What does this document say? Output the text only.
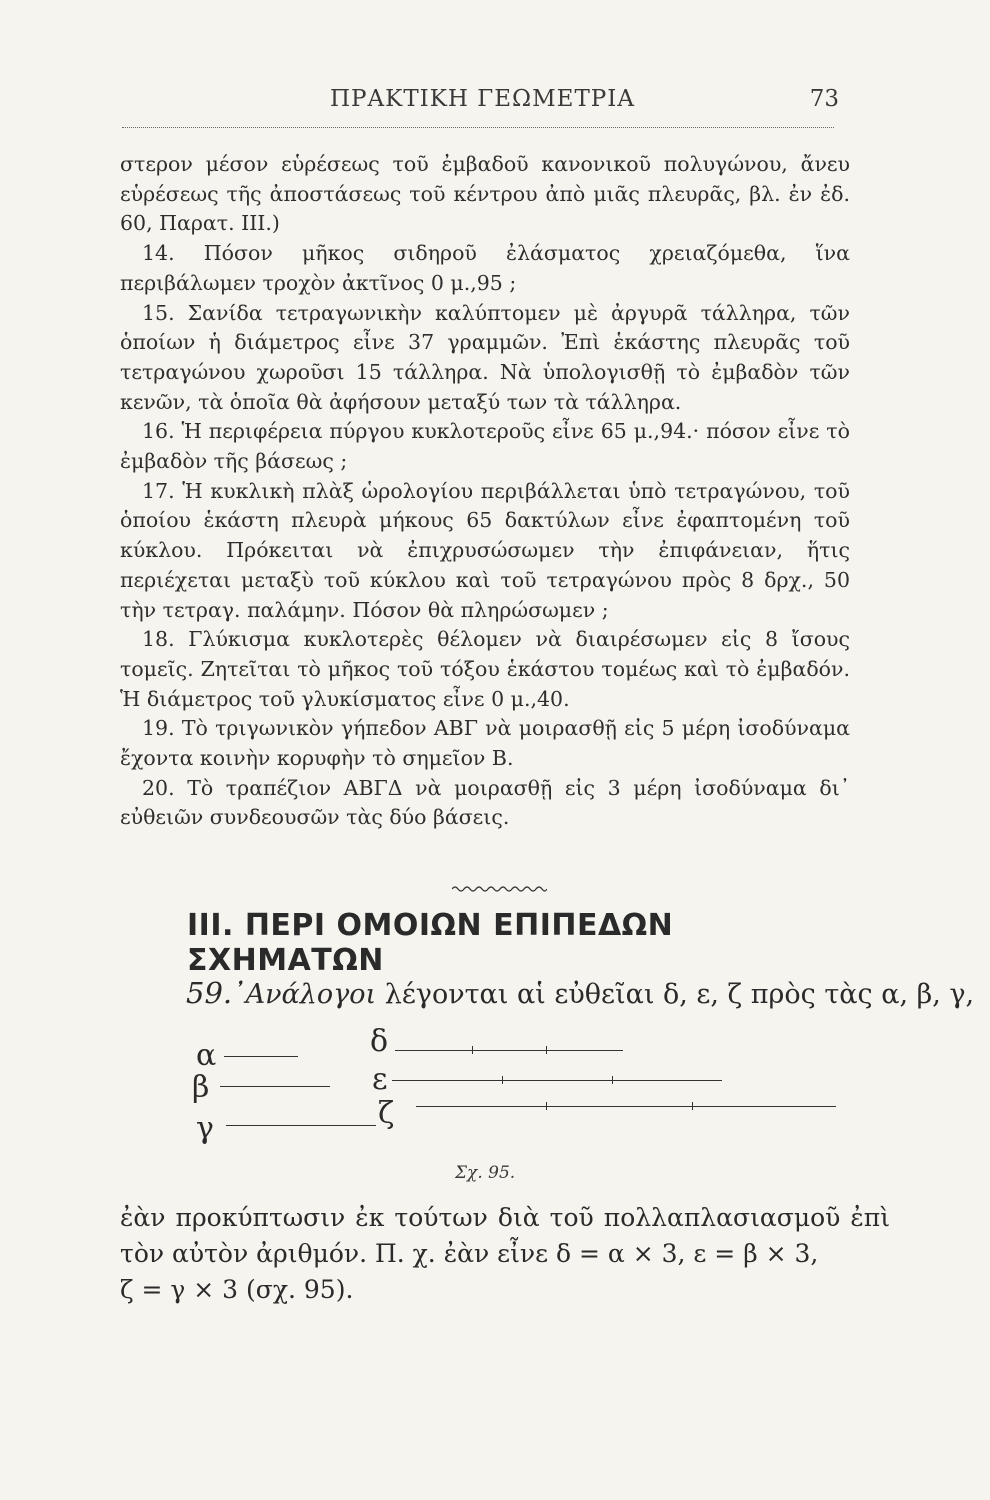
ΠΡΑΚΤΙΚΗ ΓΕΩΜΕΤΡΙΑ	73

στερον μέσον εὑρέσεως τοῦ ἐμβαδοῦ κανονικοῦ πολυγώνου, ἄνευ εὑρέσεως τῆς ἀποστάσεως τοῦ κέντρου ἀπὸ μιᾶς πλευρᾶς, βλ. ἐν ἐδ. 60, Παρατ. III.)

14. Πόσον μῆκος σιδηροῦ ἐλάσματος χρειαζόμεθα, ἵνα περιβάλωμεν τροχὸν ἀκτῖνος 0 μ.,95 ;

15. Σανίδα τετραγωνικὴν καλύπτομεν μὲ ἀργυρᾶ τάλληρα, τῶν ὁποίων ἡ διάμετρος εἶνε 37 γραμμῶν. Ἐπὶ ἑκάστης πλευρᾶς τοῦ τετραγώνου χωροῦσι 15 τάλληρα. Νὰ ὑπολογισθῇ τὸ ἐμβαδὸν τῶν κενῶν, τὰ ὁποῖα θὰ ἀφήσουν μεταξύ των τὰ τάλληρα.

16. Ἡ περιφέρεια πύργου κυκλοτεροῦς εἶνε 65 μ.,94.· πόσον εἶνε τὸ ἐμβαδὸν τῆς βάσεως ;

17. Ἡ κυκλικὴ πλὰξ ὡρολογίου περιβάλλεται ὑπὸ τετραγώνου, τοῦ ὁποίου ἑκάστη πλευρὰ μήκους 65 δακτύλων εἶνε ἐφαπτομένη τοῦ κύκλου. Πρόκειται νὰ ἐπιχρυσώσωμεν τὴν ἐπιφάνειαν, ἥτις περιέχεται μεταξὺ τοῦ κύκλου καὶ τοῦ τετραγώνου πρὸς 8 δρχ., 50 τὴν τετραγ. παλάμην. Πόσον θὰ πληρώσωμεν ;

18. Γλύκισμα κυκλοτερὲς θέλομεν νὰ διαιρέσωμεν εἰς 8 ἴσους τομεῖς. Ζητεῖται τὸ μῆκος τοῦ τόξου ἑκάστου τομέως καὶ τὸ ἐμβαδόν. Ἡ διάμετρος τοῦ γλυκίσματος εἶνε 0 μ.,40.

19. Τὸ τριγωνικὸν γήπεδον ΑΒΓ νὰ μοιρασθῇ εἰς 5 μέρη ἰσοδύναμα ἔχοντα κοινὴν κορυφὴν τὸ σημεῖον Β.

20. Τὸ τραπέζιον ΑΒΓΔ νὰ μοιρασθῇ εἰς 3 μέρη ἰσοδύναμα δι᾽ εὐθειῶν συνδεουσῶν τὰς δύο βάσεις.

III. ΠΕΡΙ ΟΜΟΙΩΝ ΕΠΙΠΕΔΩΝ ΣΧΗΜΑΤΩΝ
59.᾽Ανάλογοι λέγονται αἱ εὐθεῖαι δ, ε, ζ πρὸς τὰς α, β, γ,
α
β
γ
δ
ε
ζ
Σχ. 95.

ἐὰν προκύπτωσιν ἐκ τούτων διὰ τοῦ πολλαπλασιασμοῦ ἐπὶ τὸν αὐτὸν ἀριθμόν. Π. χ. ἐὰν εἶνε δ = α × 3, ε = β × 3,

ζ = γ × 3 (σχ. 95).
